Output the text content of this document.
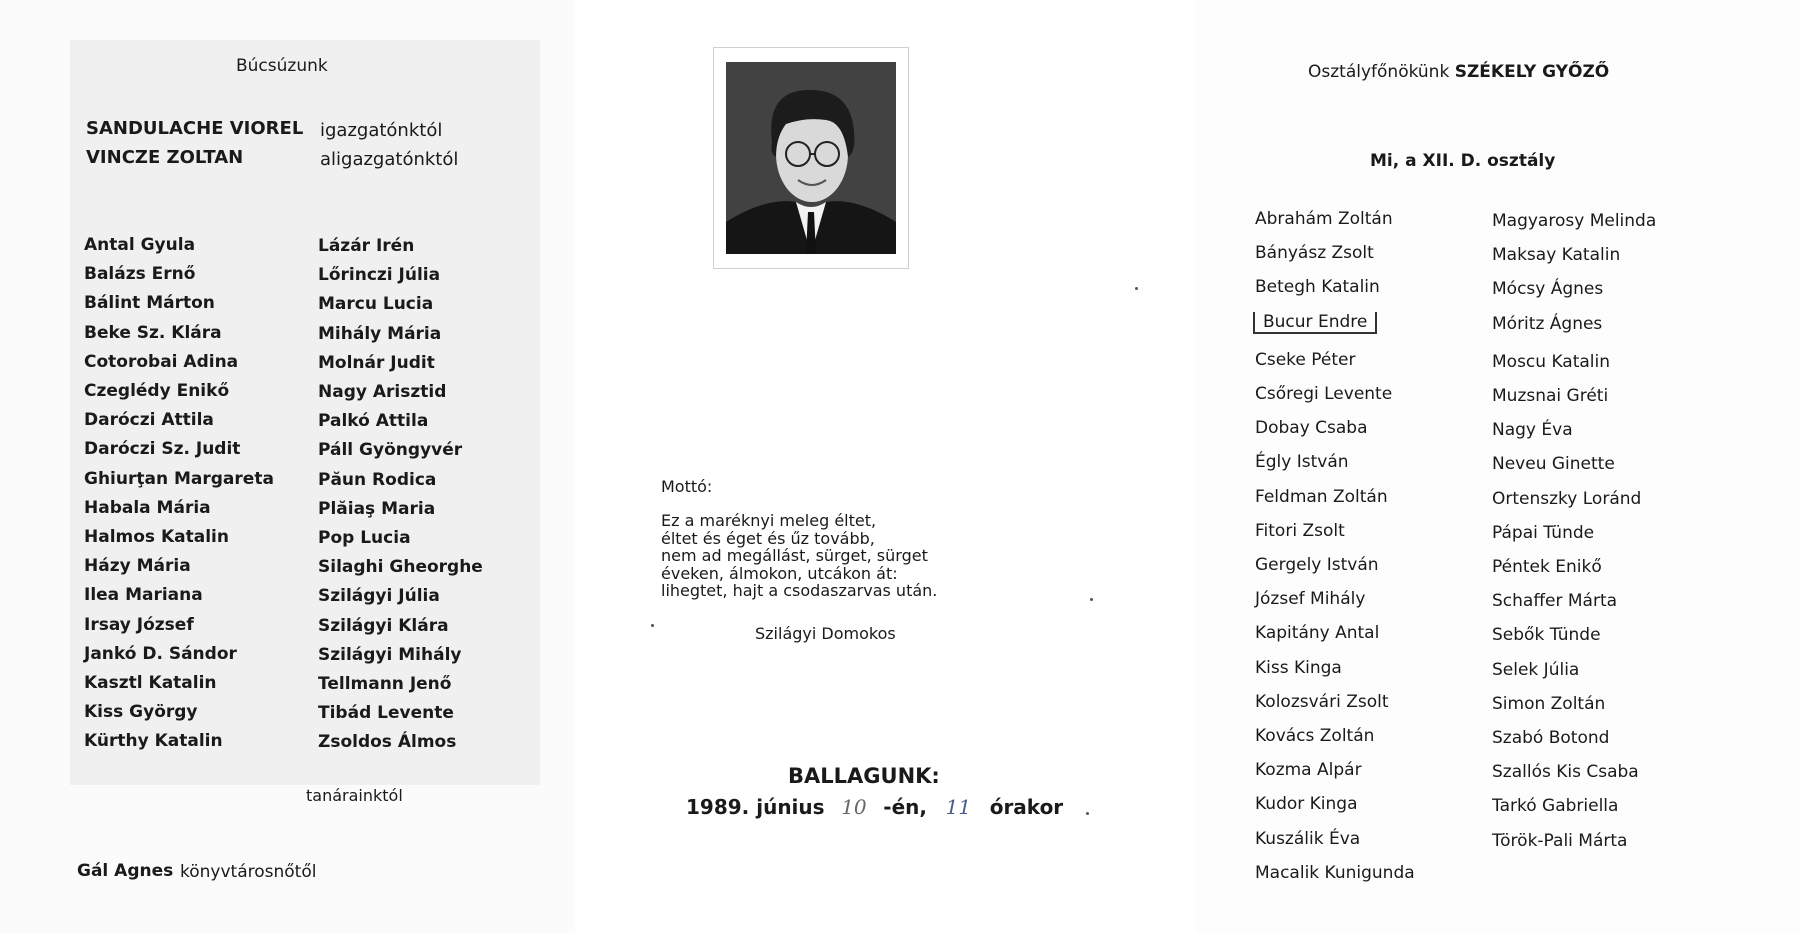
Búcsúzunk
SANDULACHE VIOREL igazgatónktól
VINCZE ZOLTAN	aligazgatónktól
Antal Gyula
Balázs Ernő
Bálint Márton
Beke Sz. Klára
Cotorobai Adina
Czeglédy Enikő
Daróczi Attila
Daróczi Sz. Judit
Ghiurţan Margareta
Habala Mária
Halmos Katalin
Házy Mária
Ilea Mariana
Irsay József
Jankó D. Sándor
Kasztl Katalin
Kiss György
Kürthy Katalin
Lázár Irén
Lőrinczi Júlia
Marcu Lucia
Mihály Mária
Molnár Judit
Nagy Arisztid
Palkó Attila
Páll Gyöngyvér
Păun Rodica
Plăiaş Maria
Pop Lucia
Silaghi Gheorghe
Szilágyi Júlia
Szilágyi Klára
Szilágyi Mihály
Tellmann Jenő
Tibád Levente
Zsoldos Álmos
tanárainktól
Gál Agnes könyvtárosnőtől
Mottó:
Ez a maréknyi meleg éltet,
éltet és éget és űz tovább,
nem ad megállást, sürget, sürget
éveken, álmokon, utcákon át:
lihegtet, hajt a csodaszarvas után.
Szilágyi Domokos
BALLAGUNK:
1989. június 10 -én, 11 órakor
Osztályfőnökünk SZÉKELY GYŐZŐ
Mi, a XII. D. osztály
Abrahám Zoltán
Bányász Zsolt
Betegh Katalin
Bucur Endre
Cseke Péter
Csőregi Levente
Dobay Csaba
Égly István
Feldman Zoltán
Fitori Zsolt
Gergely István
József Mihály
Kapitány Antal
Kiss Kinga
Kolozsvári Zsolt
Kovács Zoltán
Kozma Alpár
Kudor Kinga
Kuszálik Éva
Macalik Kunigunda
Magyarosy Melinda
Maksay Katalin
Mócsy Ágnes
Móritz Ágnes
Moscu Katalin
Muzsnai Gréti
Nagy Éva
Neveu Ginette
Ortenszky Loránd
Pápai Tünde
Péntek Enikő
Schaffer Márta
Sebők Tünde
Selek Júlia
Simon Zoltán
Szabó Botond
Szallós Kis Csaba
Tarkó Gabriella
Török-Pali Márta
